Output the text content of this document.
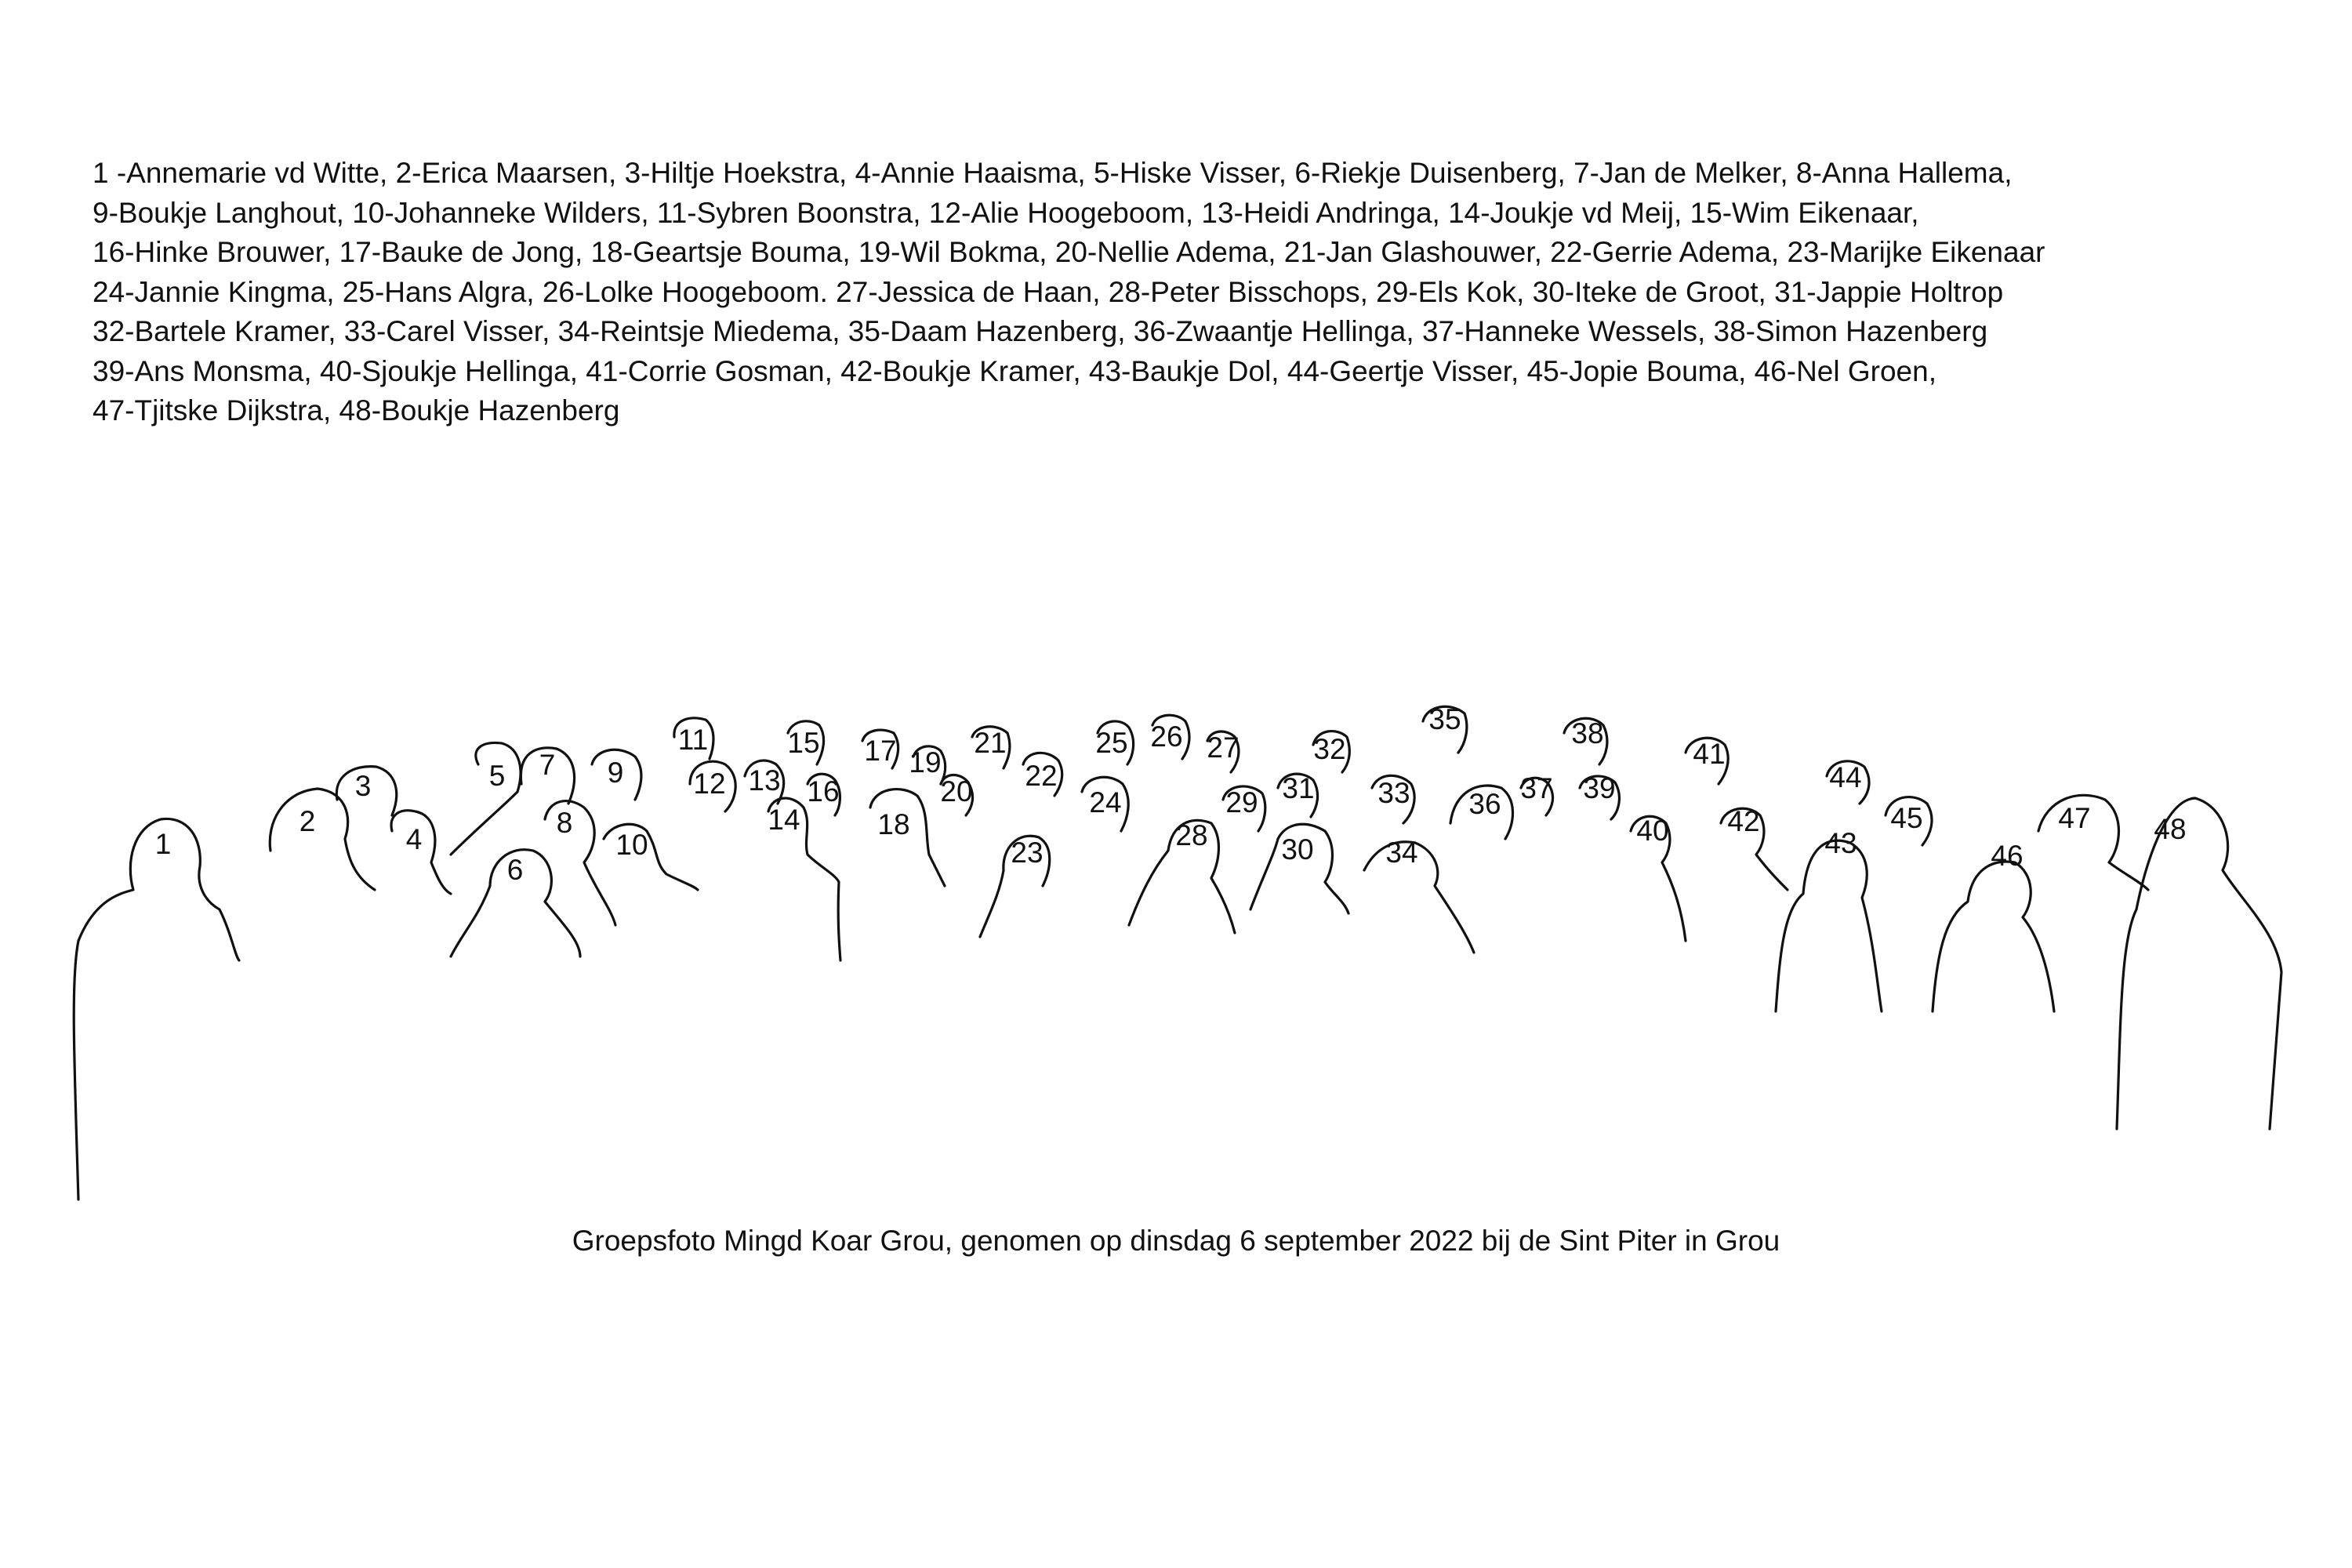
1 -Annemarie vd Witte, 2-Erica Maarsen, 3-Hiltje Hoekstra, 4-Annie Haaisma, 5-Hiske Visser, 6-Riekje Duisenberg, 7-Jan de Melker, 8-Anna Hallema,
9-Boukje Langhout, 10-Johanneke Wilders, 11-Sybren Boonstra, 12-Alie Hoogeboom, 13-Heidi Andringa, 14-Joukje vd Meij, 15-Wim Eikenaar,
16-Hinke Brouwer, 17-Bauke de Jong, 18-Geartsje Bouma, 19-Wil Bokma, 20-Nellie Adema, 21-Jan Glashouwer, 22-Gerrie Adema, 23-Marijke Eikenaar
24-Jannie Kingma, 25-Hans Algra, 26-Lolke Hoogeboom. 27-Jessica de Haan, 28-Peter Bisschops, 29-Els Kok, 30-Iteke de Groot, 31-Jappie Holtrop
32-Bartele Kramer, 33-Carel Visser, 34-Reintsje Miedema, 35-Daam Hazenberg, 36-Zwaantje Hellinga, 37-Hanneke Wessels, 38-Simon Hazenberg
39-Ans Monsma, 40-Sjoukje Hellinga, 41-Corrie Gosman, 42-Boukje Kramer, 43-Baukje Dol, 44-Geertje Visser, 45-Jopie Bouma, 46-Nel Groen,
47-Tjitske Dijkstra, 48-Boukje Hazenberg
1
2
3
4
5
6
7
8
9
10
11
12 13
14
15
16
17
18
19
20
21
22
23
24
25 26 27
28
29
30
31
32
33
34
35
36 37
38
39
40
41
42
43
44
45
46
47 48
Groepsfoto Mingd Koar Grou, genomen op dinsdag 6 september 2022 bij de Sint Piter in Grou
